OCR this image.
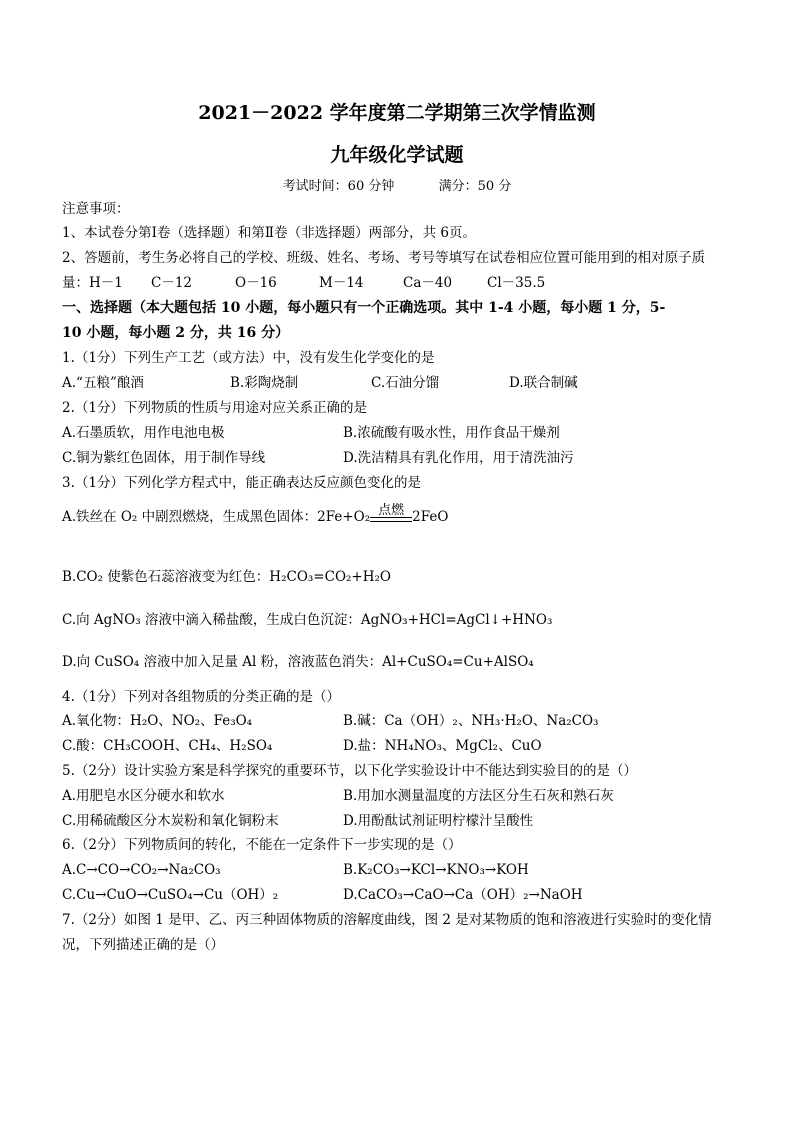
2021－2022 学年度第二学期第三次学情监测
九年级化学试题
考试时间：60 分钟	满分：50 分
注意事项：
1、本试卷分第Ⅰ卷（选择题）和第Ⅱ卷（非选择题）两部分，共 6页。
2、答题前，考生务必将自己的学校、班级、姓名、考场、考号等填写在试卷相应位置可能用到的相对原子质
量：H－1 C－12	O－16	M－14	Ca－40	Cl－35.5
一、选择题（本大题包括 10 小题，每小题只有一个正确选项。其中 1-4 小题，每小题 1 分，5-
10 小题，每小题 2 分，共 16 分）
1.（1分）下列生产工艺（或方法）中，没有发生化学变化的是
A.“五粮”酿酒	B.彩陶烧制	C.石油分馏	D.联合制碱
2.（1分）下列物质的性质与用途对应关系正确的是
A.石墨质软，用作电池电极	B.浓硫酸有吸水性，用作食品干燥剂
C.铜为紫红色固体，用于制作导线	D.洗洁精具有乳化作用，用于清洗油污
3.（1分）下列化学方程式中，能正确表达反应颜色变化的是
A.铁丝在 O₂ 中剧烈燃烧，生成黑色固体：2Fe+O₂ 点燃 2FeO
B.CO₂ 使紫色石蕊溶液变为红色：H₂CO₃=CO₂+H₂O
C.向 AgNO₃ 溶液中滴入稀盐酸，生成白色沉淀：AgNO₃+HCl=AgCl↓+HNO₃
D.向 CuSO₄ 溶液中加入足量 Al 粉，溶液蓝色消失：Al+CuSO₄=Cu+AlSO₄
4.（1分）下列对各组物质的分类正确的是（）
A.氧化物：H₂O、NO₂、Fe₃O₄	B.碱：Ca（OH）₂、NH₃·H₂O、Na₂CO₃
C.酸：CH₃COOH、CH₄、H₂SO₄	D.盐：NH₄NO₃、MgCl₂、CuO
5.（2分）设计实验方案是科学探究的重要环节，以下化学实验设计中不能达到实验目的的是（）
A.用肥皂水区分硬水和软水	B.用加水测量温度的方法区分生石灰和熟石灰
C.用稀硫酸区分木炭粉和氧化铜粉末	D.用酚酞试剂证明柠檬汁呈酸性
6.（2分）下列物质间的转化，不能在一定条件下一步实现的是（）
A.C→CO→CO₂→Na₂CO₃	B.K₂CO₃→KCl→KNO₃→KOH
C.Cu→CuO→CuSO₄→Cu（OH）₂	D.CaCO₃→CaO→Ca（OH）₂→NaOH
7.（2分）如图 1 是甲、乙、丙三种固体物质的溶解度曲线，图 2 是对某物质的饱和溶液进行实验时的变化情
况，下列描述正确的是（）
